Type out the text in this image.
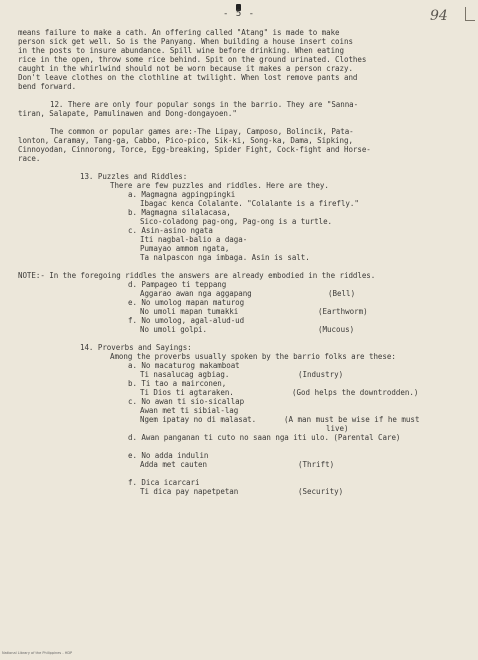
- 5 -	94
means failure to make a cath. An offering called "Atang" is made to make
person sick get well. So is the Panyang. When building a house insert coins
in the posts to insure abundance. Spill wine before drinking. When eating
rice in the open, throw some rice behind. Spit on the ground urinated. Clothes
caught in the whirlwind should not be worn because it makes a person crazy.
Don't leave clothes on the clothline at twilight. When lost remove pants and
bend forward.
12. There are only four popular songs in the barrio. They are "Sanna-
tiran, Salapate, Pamulinawen and Dong-dongayoen."
The common or popular games are:-The Lipay, Camposo, Bolincik, Pata-
lonton, Caramay, Tang-ga, Cabbo, Pico-pico, Sik-ki, Song-ka, Dama, Sipking,
Cinnoyodan, Cinnorong, Torce, Egg-breaking, Spider Fight, Cock-fight and Horse-
race.
13. Puzzles and Riddles:
There are few puzzles and riddles. Here are they.
a. Magmagna agpingpingki
Ibagac kenca Colalante. "Colalante is a firefly."
b. Magmagna silalacasa,
Sico-coladong pag-ong, Pag-ong is a turtle.
c. Asin-asino ngata
Iti nagbal-balio a daga-
Pumayao ammom ngata,
Ta nalpascon nga imbaga. Asin is salt.
NOTE:- In the foregoing riddles the answers are already embodied in the riddles.
d. Pampageo ti teppang
Aggarao awan nga aggapang	(Bell)
e. No umolog mapan maturog
No umoli mapan tumakki	(Earthworm)
f. No umolog, agal-alud-ud
No umoli golpi.	(Mucous)
14. Proverbs and Sayings:
Among the proverbs usually spoken by the barrio folks are these:
a. No macaturog makamboat
Ti nasalucag agbiag.	(Industry)
b. Ti tao a mairconen,
Ti Dios ti agtaraken.	(God helps the downtrodden.)
c. No awan ti sio-sicallap
Awan met ti sibial-lag
Ngem ipatay no di malasat.	(A man must be wise if he must
live)
d. Awan panganan ti cuto no saan nga iti ulo. (Parental Care)
e. No adda indulin
Adda met cauten	(Thrift)
f. Dica icarcari
Ti dica pay napetpetan	(Security)
National Library of the Philippines - HDP
